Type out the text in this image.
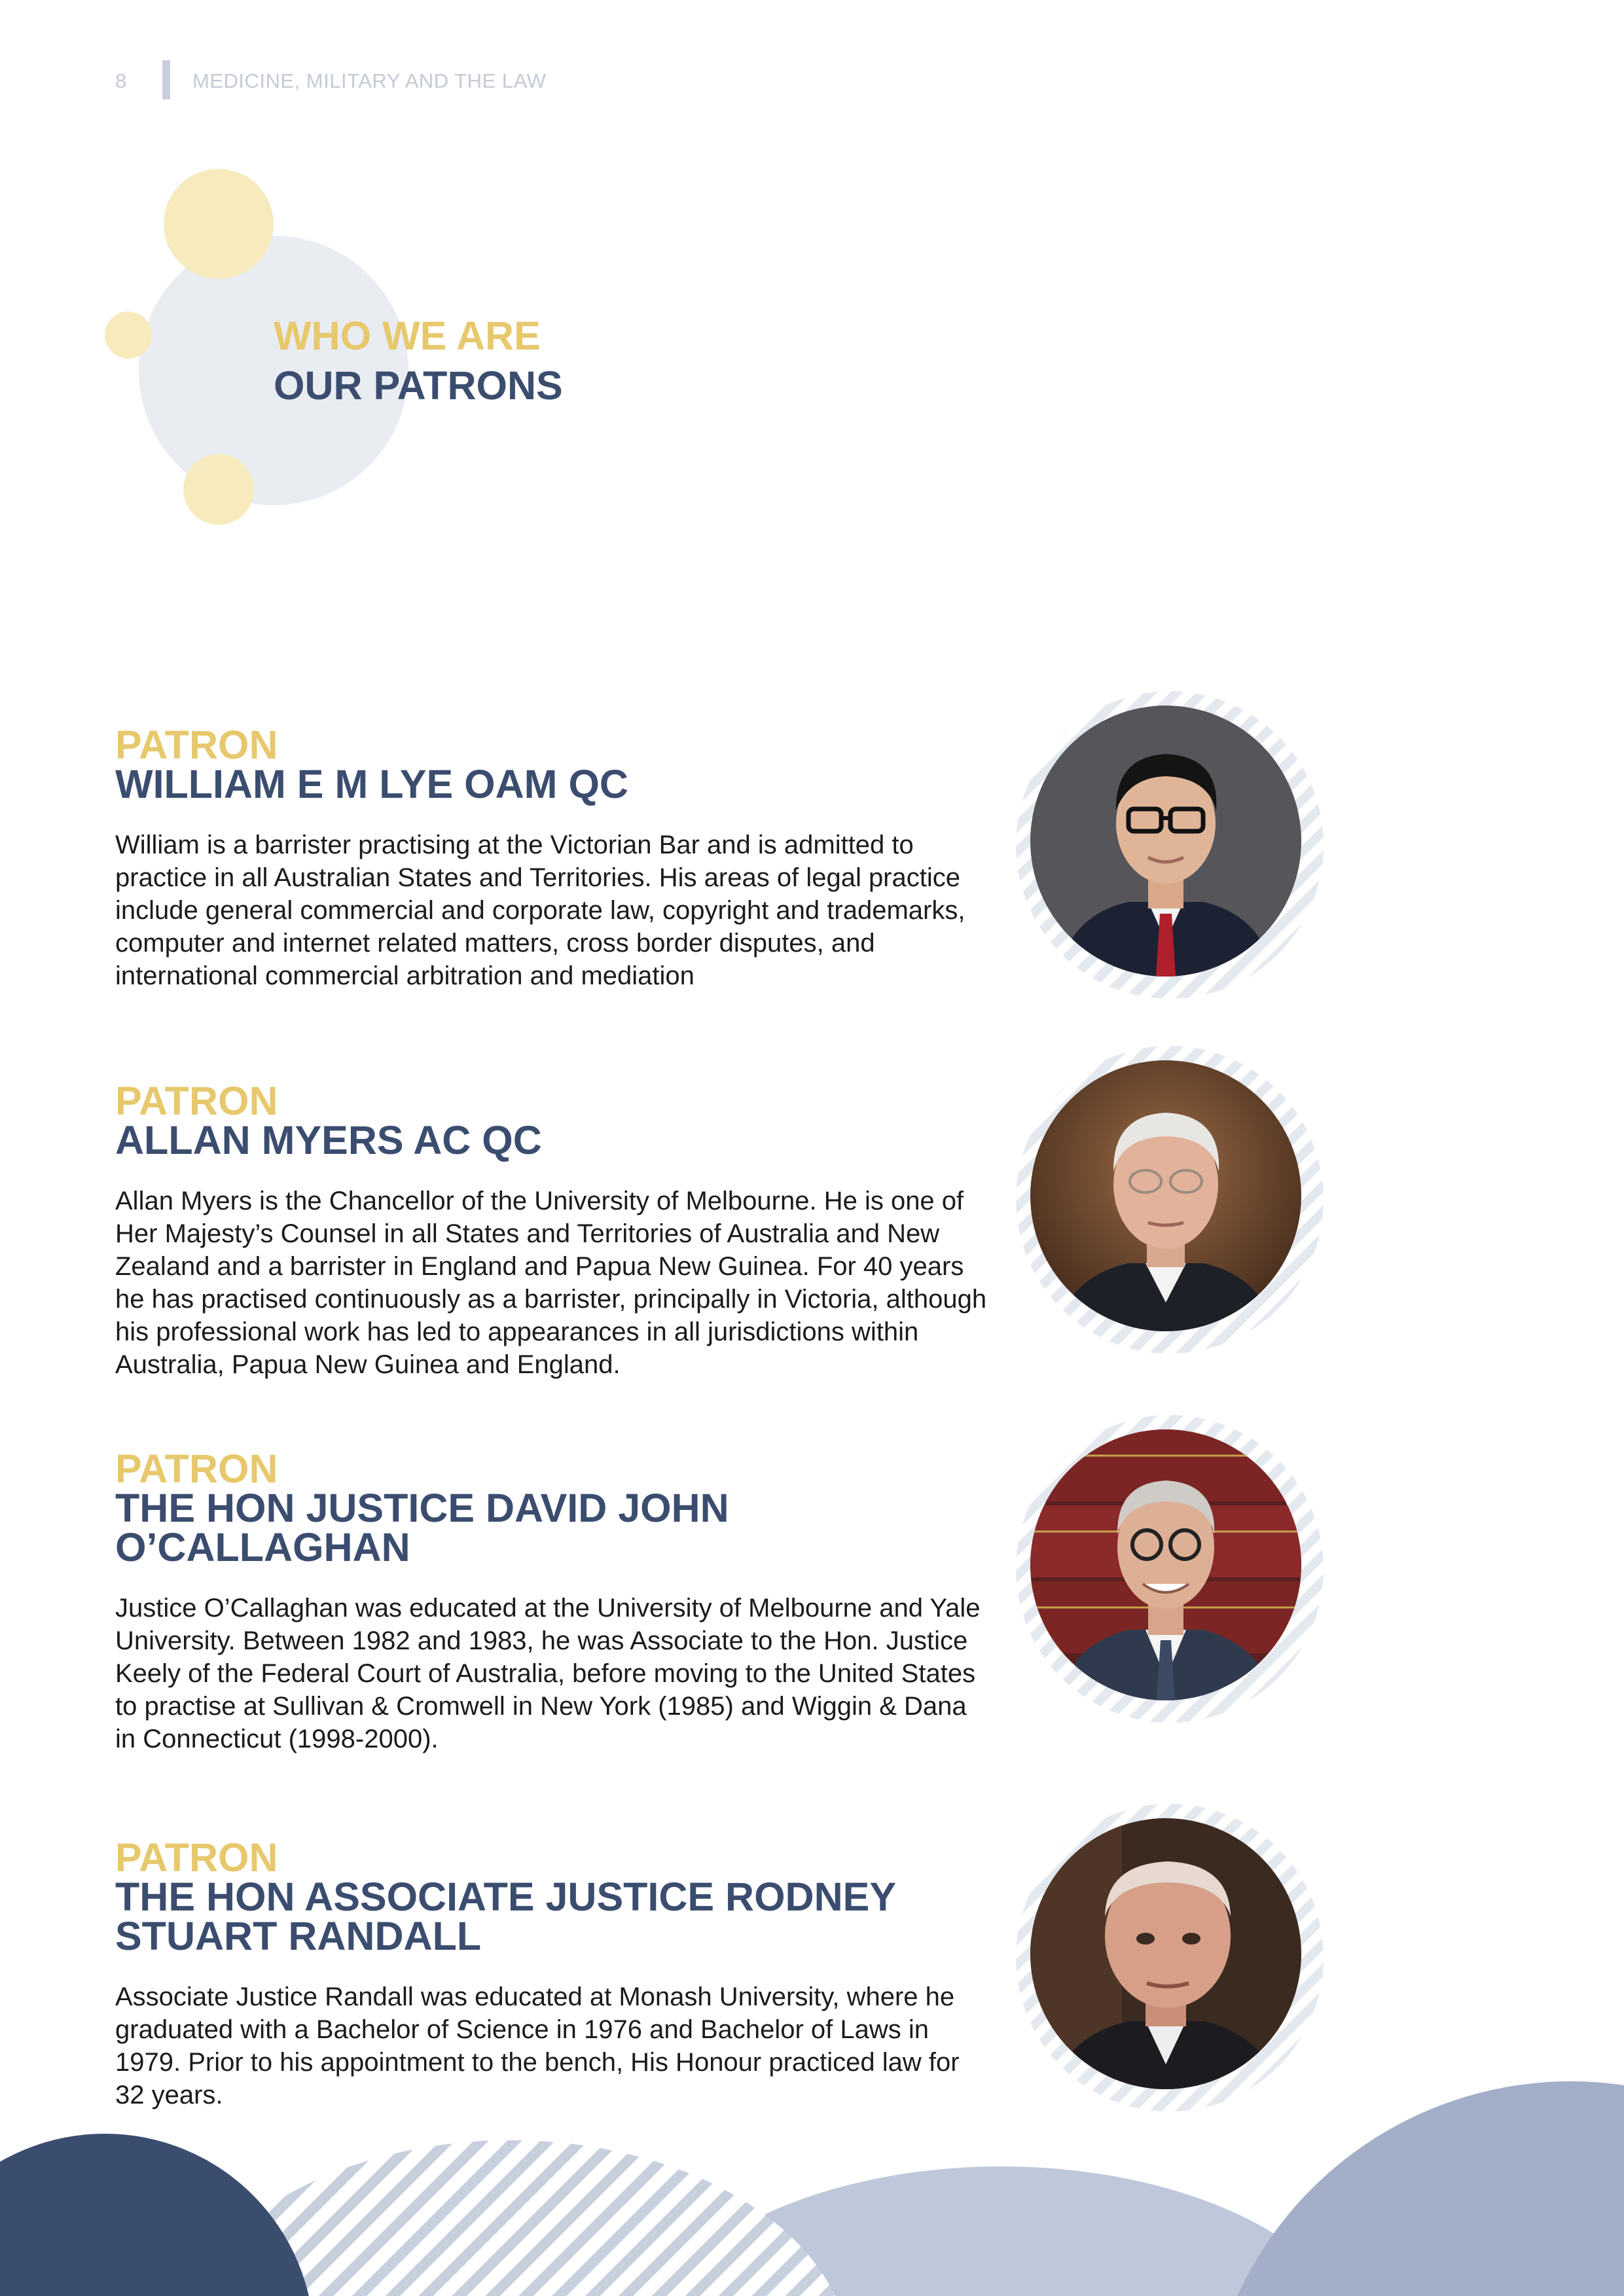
8	MEDICINE, MILITARY AND THE LAW
WHO WE ARE
OUR PATRONS
PATRON
WILLIAM E M LYE OAM QC
William is a barrister practising at the Victorian Bar and is admitted to practice in all Australian States and Territories. His areas of legal practice include general commercial and corporate law, copyright and trademarks, computer and internet related matters, cross border disputes, and international commercial arbitration and mediation
PATRON
ALLAN MYERS AC QC
Allan Myers is the Chancellor of the University of Melbourne. He is one of Her Majesty’s Counsel in all States and Territories of Australia and New Zealand and a barrister in England and Papua New Guinea. For 40 years he has practised continuously as a barrister, principally in Victoria, although his professional work has led to appearances in all jurisdictions within Australia, Papua New Guinea and England.
PATRON
THE HON JUSTICE DAVID JOHN O’CALLAGHAN
Justice O’Callaghan was educated at the University of Melbourne and Yale University. Between 1982 and 1983, he was Associate to the Hon. Justice Keely of the Federal Court of Australia, before moving to the United States to practise at Sullivan & Cromwell in New York (1985) and Wiggin & Dana in Connecticut (1998-2000).
PATRON
THE HON ASSOCIATE JUSTICE RODNEY STUART RANDALL
Associate Justice Randall was educated at Monash University, where he graduated with a Bachelor of Science in 1976 and Bachelor of Laws in 1979. Prior to his appointment to the bench, His Honour practiced law for 32 years.
